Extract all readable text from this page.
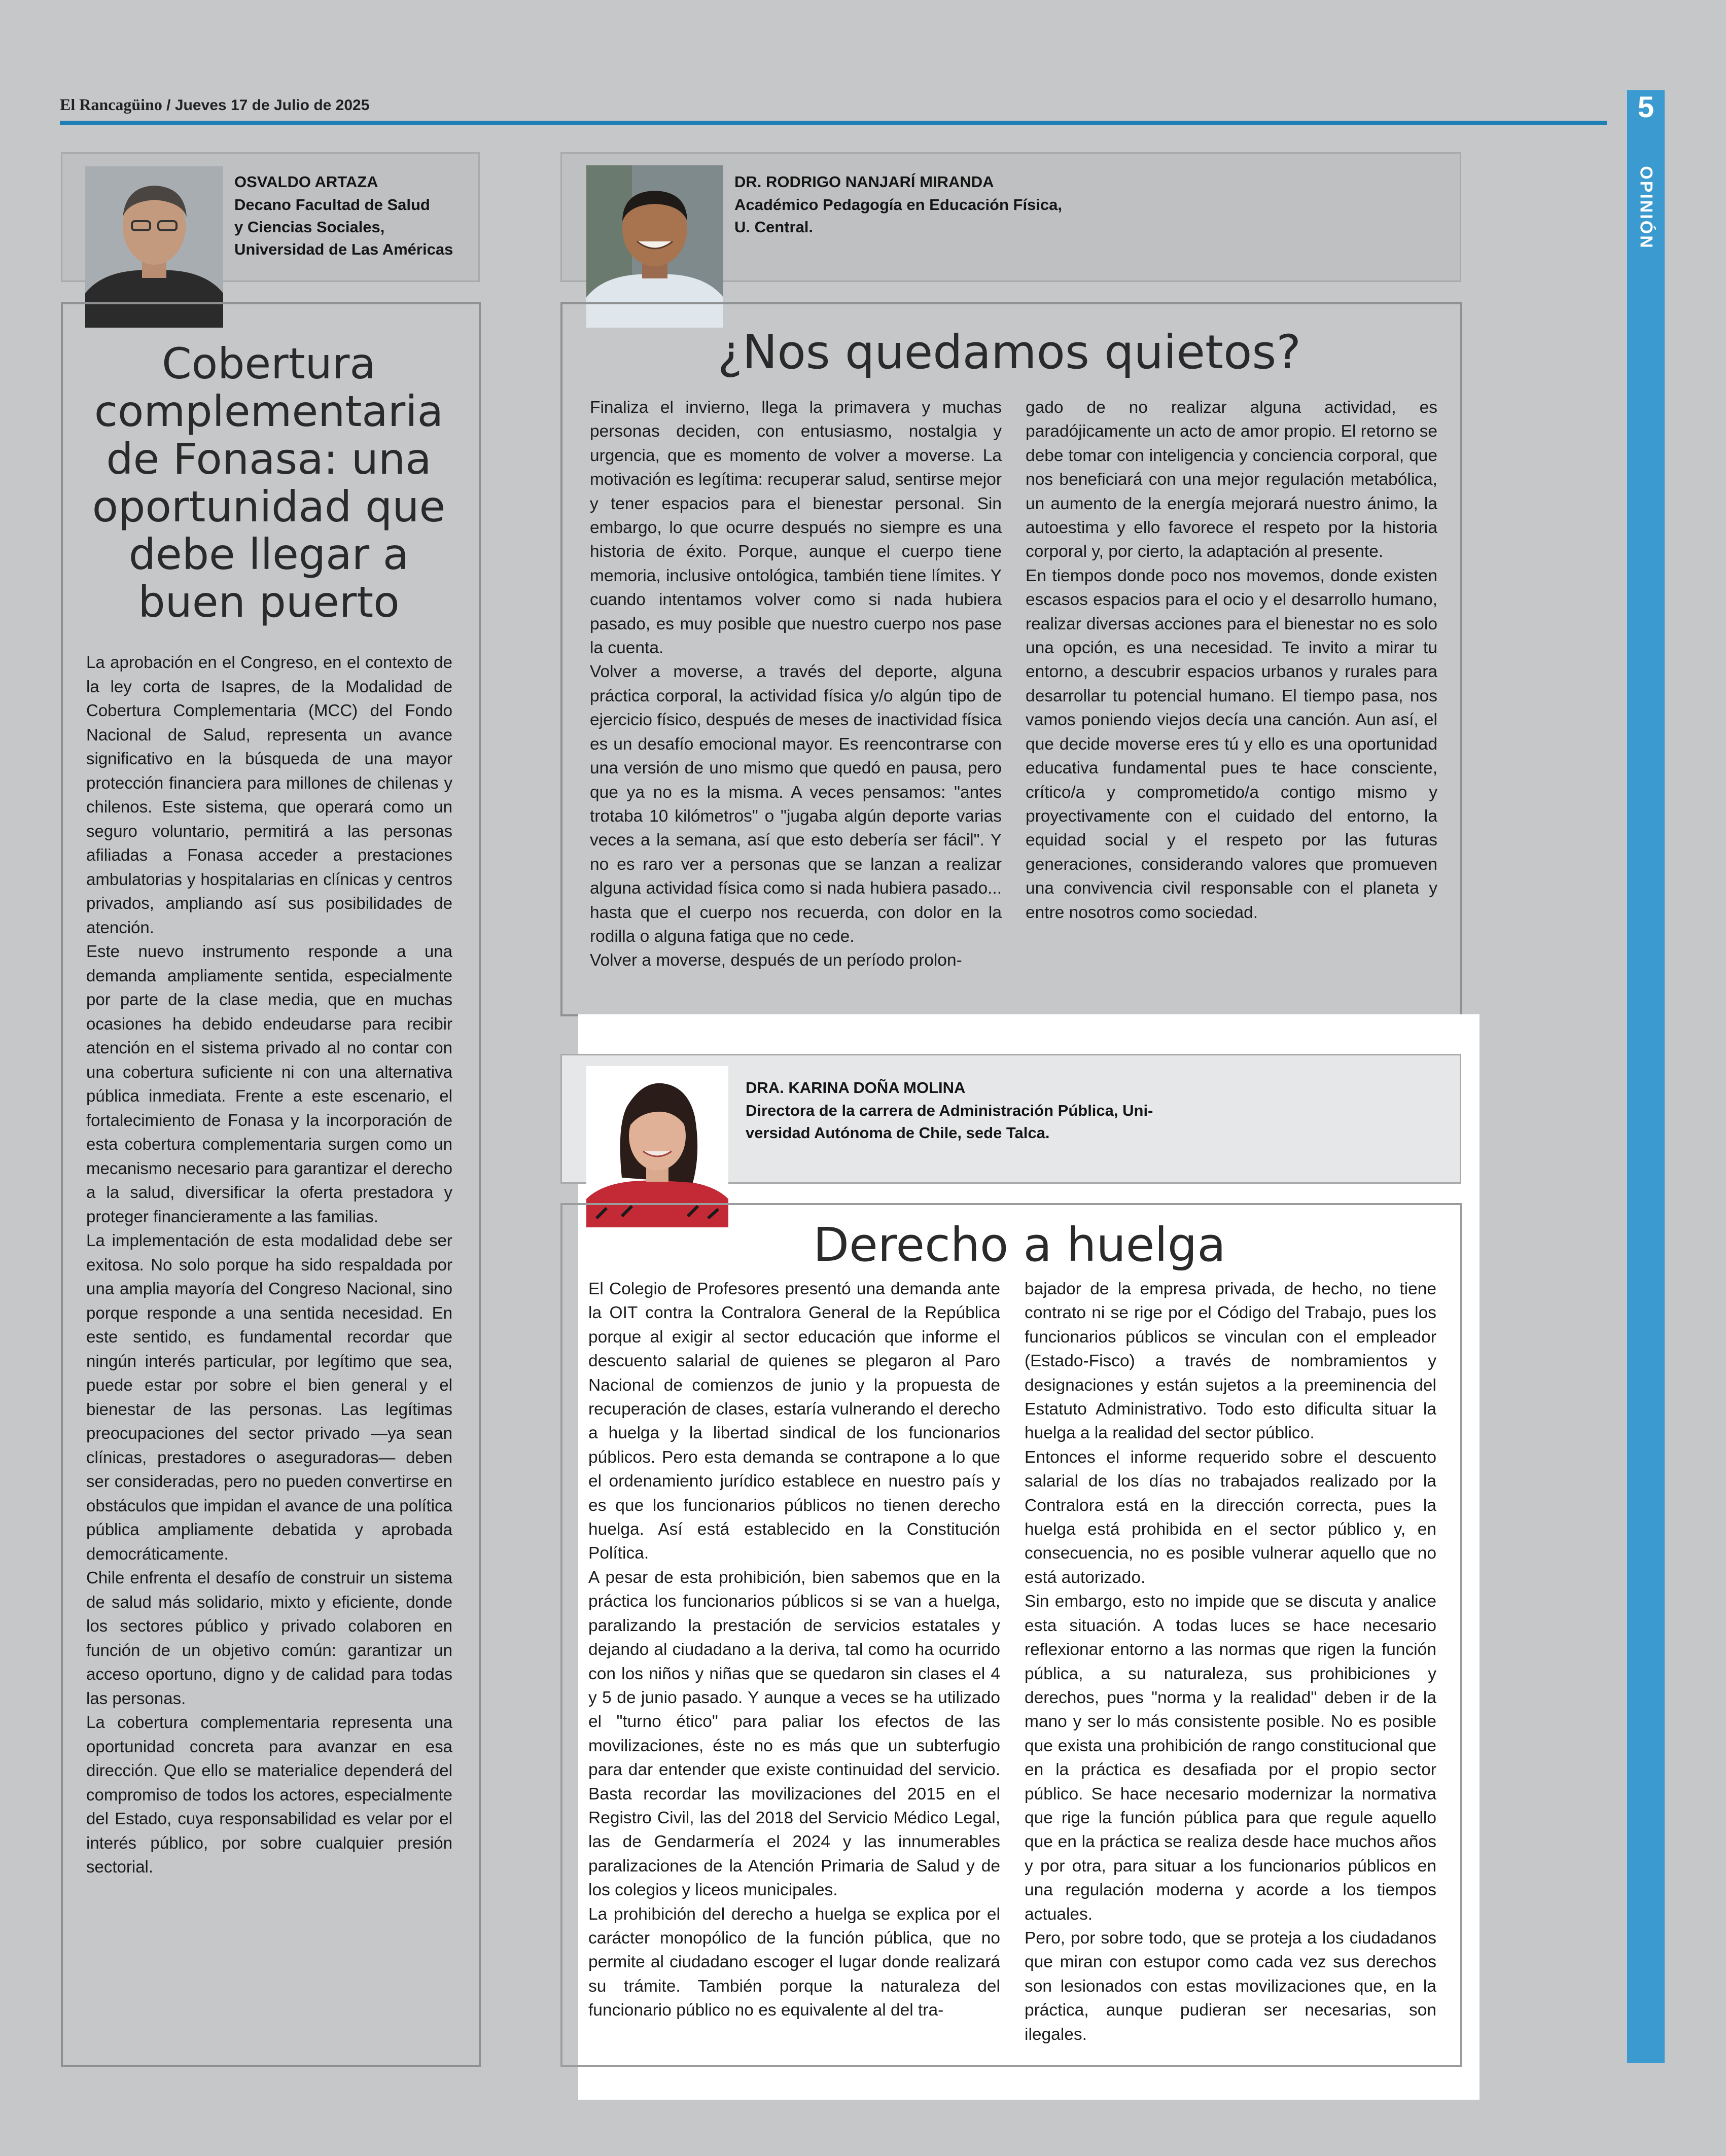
El Rancagüino / Jueves 17 de Julio de 2025	5
OPINIÓN
OSVALDO ARTAZA
Decano Facultad de Salud
y Ciencias Sociales,
Universidad de Las Américas
Cobertura
complementaria
de Fonasa: una
oportunidad que
debe llegar a
buen puerto

La aprobación en el Congreso, en el contexto de la ley corta de Isapres, de la Modalidad de Cobertura Complementaria (MCC) del Fondo Nacional de Salud, representa un avance significativo en la búsqueda de una mayor protección financiera para millones de chilenas y chilenos. Este sistema, que operará como un seguro voluntario, permitirá a las personas afiliadas a Fonasa acceder a prestaciones ambulatorias y hospitalarias en clínicas y centros privados, ampliando así sus posibilidades de atención.

Este nuevo instrumento responde a una demanda ampliamente sentida, especialmente por parte de la clase media, que en muchas ocasiones ha debido endeudarse para recibir atención en el sistema privado al no contar con una cobertura suficiente ni con una alternativa pública inmediata. Frente a este escenario, el fortalecimiento de Fonasa y la incorporación de esta cobertura complementaria surgen como un mecanismo necesario para garantizar el derecho a la salud, diversificar la oferta prestadora y proteger financieramente a las familias.

La implementación de esta modalidad debe ser exitosa. No solo porque ha sido respaldada por una amplia mayoría del Congreso Nacional, sino porque responde a una sentida necesidad. En este sentido, es fundamental recordar que ningún interés particular, por legítimo que sea, puede estar por sobre el bien general y el bienestar de las personas. Las legítimas preocupaciones del sector privado —ya sean clínicas, prestadores o aseguradoras— deben ser consideradas, pero no pueden convertirse en obstáculos que impidan el avance de una política pública ampliamente debatida y aprobada democráticamente.

Chile enfrenta el desafío de construir un sistema de salud más solidario, mixto y eficiente, donde los sectores público y privado colaboren en función de un objetivo común: garantizar un acceso oportuno, digno y de calidad para todas las personas.

La cobertura complementaria representa una oportunidad concreta para avanzar en esa dirección. Que ello se materialice dependerá del compromiso de todos los actores, especialmente del Estado, cuya responsabilidad es velar por el interés público, por sobre cualquier presión sectorial.

DR. RODRIGO NANJARÍ MIRANDA
Académico Pedagogía en Educación Física,
U. Central.
¿Nos quedamos quietos?

Finaliza el invierno, llega la primavera y muchas personas deciden, con entusiasmo, nostalgia y urgencia, que es momento de volver a moverse. La motivación es legítima: recuperar salud, sentirse mejor y tener espacios para el bienestar personal. Sin embargo, lo que ocurre después no siempre es una historia de éxito. Porque, aunque el cuerpo tiene memoria, inclusive ontológica, también tiene límites. Y cuando intentamos volver como si nada hubiera pasado, es muy posible que nuestro cuerpo nos pase la cuenta.

Volver a moverse, a través del deporte, alguna práctica corporal, la actividad física y/o algún tipo de ejercicio físico, después de meses de inactividad física es un desafío emocional mayor. Es reencontrarse con una versión de uno mismo que quedó en pausa, pero que ya no es la misma. A veces pensamos: "antes trotaba 10 kilómetros" o "jugaba algún deporte varias veces a la semana, así que esto debería ser fácil". Y no es raro ver a personas que se lanzan a realizar alguna actividad física como si nada hubiera pasado... hasta que el cuerpo nos recuerda, con dolor en la rodilla o alguna fatiga que no cede.

Volver a moverse, después de un período prolon-

gado de no realizar alguna actividad, es paradójicamente un acto de amor propio. El retorno se debe tomar con inteligencia y conciencia corporal, que nos beneficiará con una mejor regulación metabólica, un aumento de la energía mejorará nuestro ánimo, la autoestima y ello favorece el respeto por la historia corporal y, por cierto, la adaptación al presente.

En tiempos donde poco nos movemos, donde existen escasos espacios para el ocio y el desarrollo humano, realizar diversas acciones para el bienestar no es solo una opción, es una necesidad. Te invito a mirar tu entorno, a descubrir espacios urbanos y rurales para desarrollar tu potencial humano. El tiempo pasa, nos vamos poniendo viejos decía una canción. Aun así, el que decide moverse eres tú y ello es una oportunidad educativa fundamental pues te hace consciente, crítico/a y comprometido/a contigo mismo y proyectivamente con el cuidado del entorno, la equidad social y el respeto por las futuras generaciones, considerando valores que promueven una convivencia civil responsable con el planeta y entre nosotros como sociedad.

DRA. KARINA DOÑA MOLINA
Directora de la carrera de Administración Pública, Uni-
versidad Autónoma de Chile, sede Talca.
Derecho a huelga

El Colegio de Profesores presentó una demanda ante la OIT contra la Contralora General de la República porque al exigir al sector educación que informe el descuento salarial de quienes se plegaron al Paro Nacional de comienzos de junio y la propuesta de recuperación de clases, estaría vulnerando el derecho a huelga y la libertad sindical de los funcionarios públicos. Pero esta demanda se contrapone a lo que el ordenamiento jurídico establece en nuestro país y es que los funcionarios públicos no tienen derecho huelga. Así está establecido en la Constitución Política.

A pesar de esta prohibición, bien sabemos que en la práctica los funcionarios públicos si se van a huelga, paralizando la prestación de servicios estatales y dejando al ciudadano a la deriva, tal como ha ocurrido con los niños y niñas que se quedaron sin clases el 4 y 5 de junio pasado. Y aunque a veces se ha utilizado el "turno ético" para paliar los efectos de las movilizaciones, éste no es más que un subterfugio para dar entender que existe continuidad del servicio. Basta recordar las movilizaciones del 2015 en el Registro Civil, las del 2018 del Servicio Médico Legal, las de Gendarmería el 2024 y las innumerables paralizaciones de la Atención Primaria de Salud y de los colegios y liceos municipales.

La prohibición del derecho a huelga se explica por el carácter monopólico de la función pública, que no permite al ciudadano escoger el lugar donde realizará su trámite. También porque la naturaleza del funcionario público no es equivalente al del tra-

bajador de la empresa privada, de hecho, no tiene contrato ni se rige por el Código del Trabajo, pues los funcionarios públicos se vinculan con el empleador (Estado-Fisco) a través de nombramientos y designaciones y están sujetos a la preeminencia del Estatuto Administrativo. Todo esto dificulta situar la huelga a la realidad del sector público.

Entonces el informe requerido sobre el descuento salarial de los días no trabajados realizado por la Contralora está en la dirección correcta, pues la huelga está prohibida en el sector público y, en consecuencia, no es posible vulnerar aquello que no está autorizado.

Sin embargo, esto no impide que se discuta y analice esta situación. A todas luces se hace necesario reflexionar entorno a las normas que rigen la función pública, a su naturaleza, sus prohibiciones y derechos, pues "norma y la realidad" deben ir de la mano y ser lo más consistente posible. No es posible que exista una prohibición de rango constitucional que en la práctica es desafiada por el propio sector público. Se hace necesario modernizar la normativa que rige la función pública para que regule aquello que en la práctica se realiza desde hace muchos años y por otra, para situar a los funcionarios públicos en una regulación moderna y acorde a los tiempos actuales.

Pero, por sobre todo, que se proteja a los ciudadanos que miran con estupor como cada vez sus derechos son lesionados con estas movilizaciones que, en la práctica, aunque pudieran ser necesarias, son ilegales.
